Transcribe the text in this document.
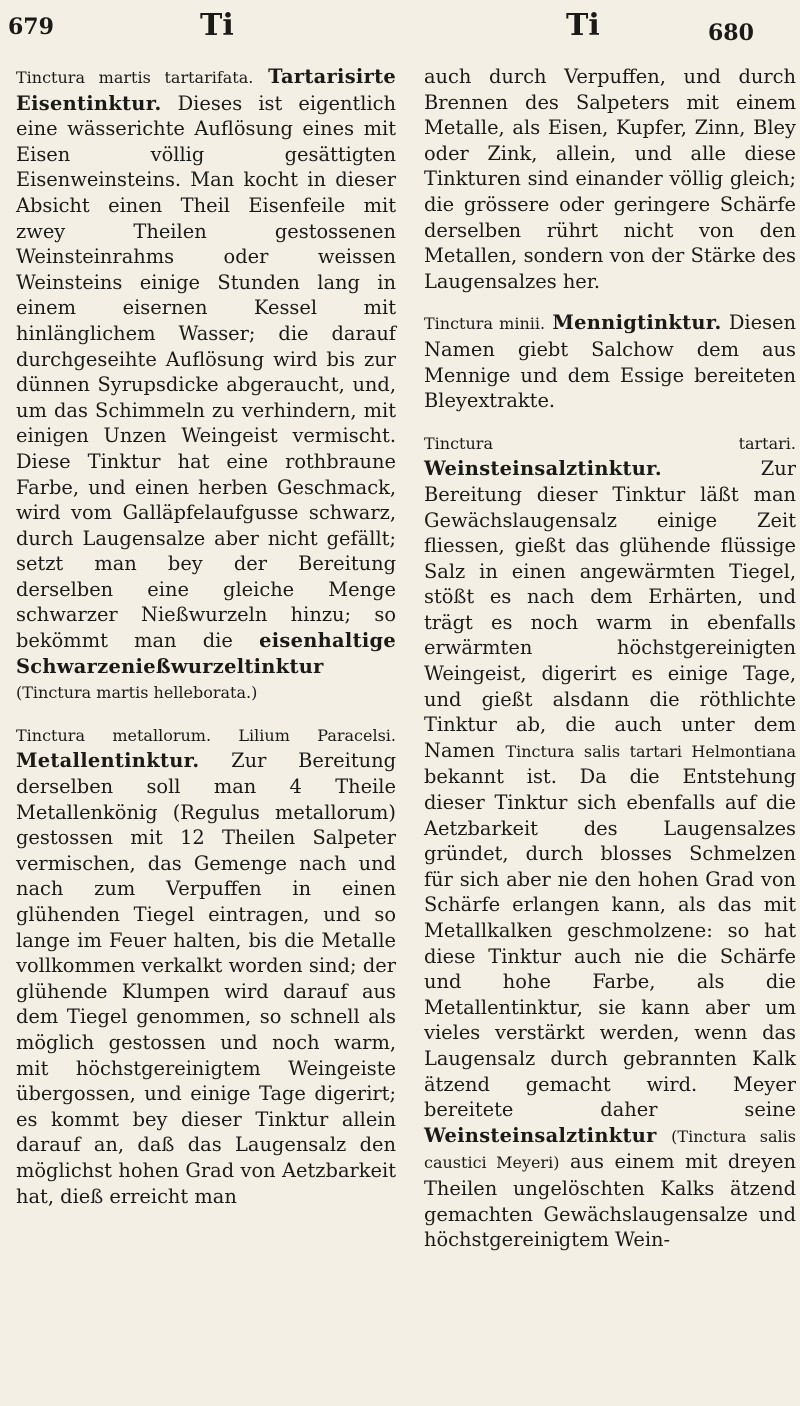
679	Ti	Ti	680

Tinctura martis tartarifata. Tartarisirte Eisentinktur. Dieses ist eigentlich eine wässerichte Auflösung eines mit Eisen völlig gesättigten Eisenweinsteins. Man kocht in dieser Absicht einen Theil Eisenfeile mit zwey Theilen gestossenen Weinsteinrahms oder weissen Weinsteins einige Stunden lang in einem eisernen Kessel mit hinlänglichem Wasser; die darauf durchgeseihte Auflösung wird bis zur dünnen Syrupsdicke abgeraucht, und, um das Schimmeln zu verhindern, mit einigen Unzen Weingeist vermischt. Diese Tinktur hat eine rothbraune Farbe, und einen herben Geschmack, wird vom Galläpfelaufgusse schwarz, durch Laugensalze aber nicht gefällt; setzt man bey der Bereitung derselben eine gleiche Menge schwarzer Nießwurzeln hinzu; so bekömmt man die eisenhaltige Schwarzenießwurzeltinktur (Tinctura martis helleborata.)

Tinctura metallorum. Lilium Paracelsi. Metallentinktur. Zur Bereitung derselben soll man 4 Theile Metallenkönig (Regulus metallorum) gestossen mit 12 Theilen Salpeter vermischen, das Gemenge nach und nach zum Verpuffen in einen glühenden Tiegel eintragen, und so lange im Feuer halten, bis die Metalle vollkommen verkalkt worden sind; der glühende Klumpen wird darauf aus dem Tiegel genommen, so schnell als möglich gestossen und noch warm, mit höchstgereinigtem Weingeiste übergossen, und einige Tage digerirt; es kommt bey dieser Tinktur allein darauf an, daß das Laugensalz den möglichst hohen Grad von Aetzbarkeit hat, dieß erreicht man

auch durch Verpuffen, und durch Brennen des Salpeters mit einem Metalle, als Eisen, Kupfer, Zinn, Bley oder Zink, allein, und alle diese Tinkturen sind einander völlig gleich; die grössere oder geringere Schärfe derselben rührt nicht von den Metallen, sondern von der Stärke des Laugensalzes her.

Tinctura minii. Mennigtinktur. Diesen Namen giebt Salchow dem aus Mennige und dem Essige bereiteten Bleyextrakte.

Tinctura tartari. Weinsteinsalztinktur.	Zur Bereitung dieser Tinktur läßt man Gewächslaugensalz einige Zeit fliessen, gießt das glühende flüssige Salz in einen angewärmten Tiegel, stößt es nach dem Erhärten, und trägt es noch warm in ebenfalls erwärmten höchstgereinigten Weingeist, digerirt es einige Tage, und gießt alsdann die röthlichte Tinktur ab, die auch unter dem Namen Tinctura salis tartari Helmontiana bekannt ist. Da die Entstehung dieser Tinktur sich ebenfalls auf die Aetzbarkeit des Laugensalzes gründet, durch blosses Schmelzen für sich aber nie den hohen Grad von Schärfe erlangen kann, als das mit Metallkalken geschmolzene: so hat diese Tinktur auch nie die Schärfe und hohe Farbe, als die Metallentinktur, sie kann aber um vieles verstärkt werden, wenn das Laugensalz durch gebrannten Kalk ätzend gemacht wird. Meyer bereitete daher seine Weinsteinsalztinktur (Tinctura salis caustici Meyeri) aus einem mit dreyen Theilen ungelöschten Kalks ätzend gemachten Gewächslaugensalze und höchstgereinigtem Wein-
